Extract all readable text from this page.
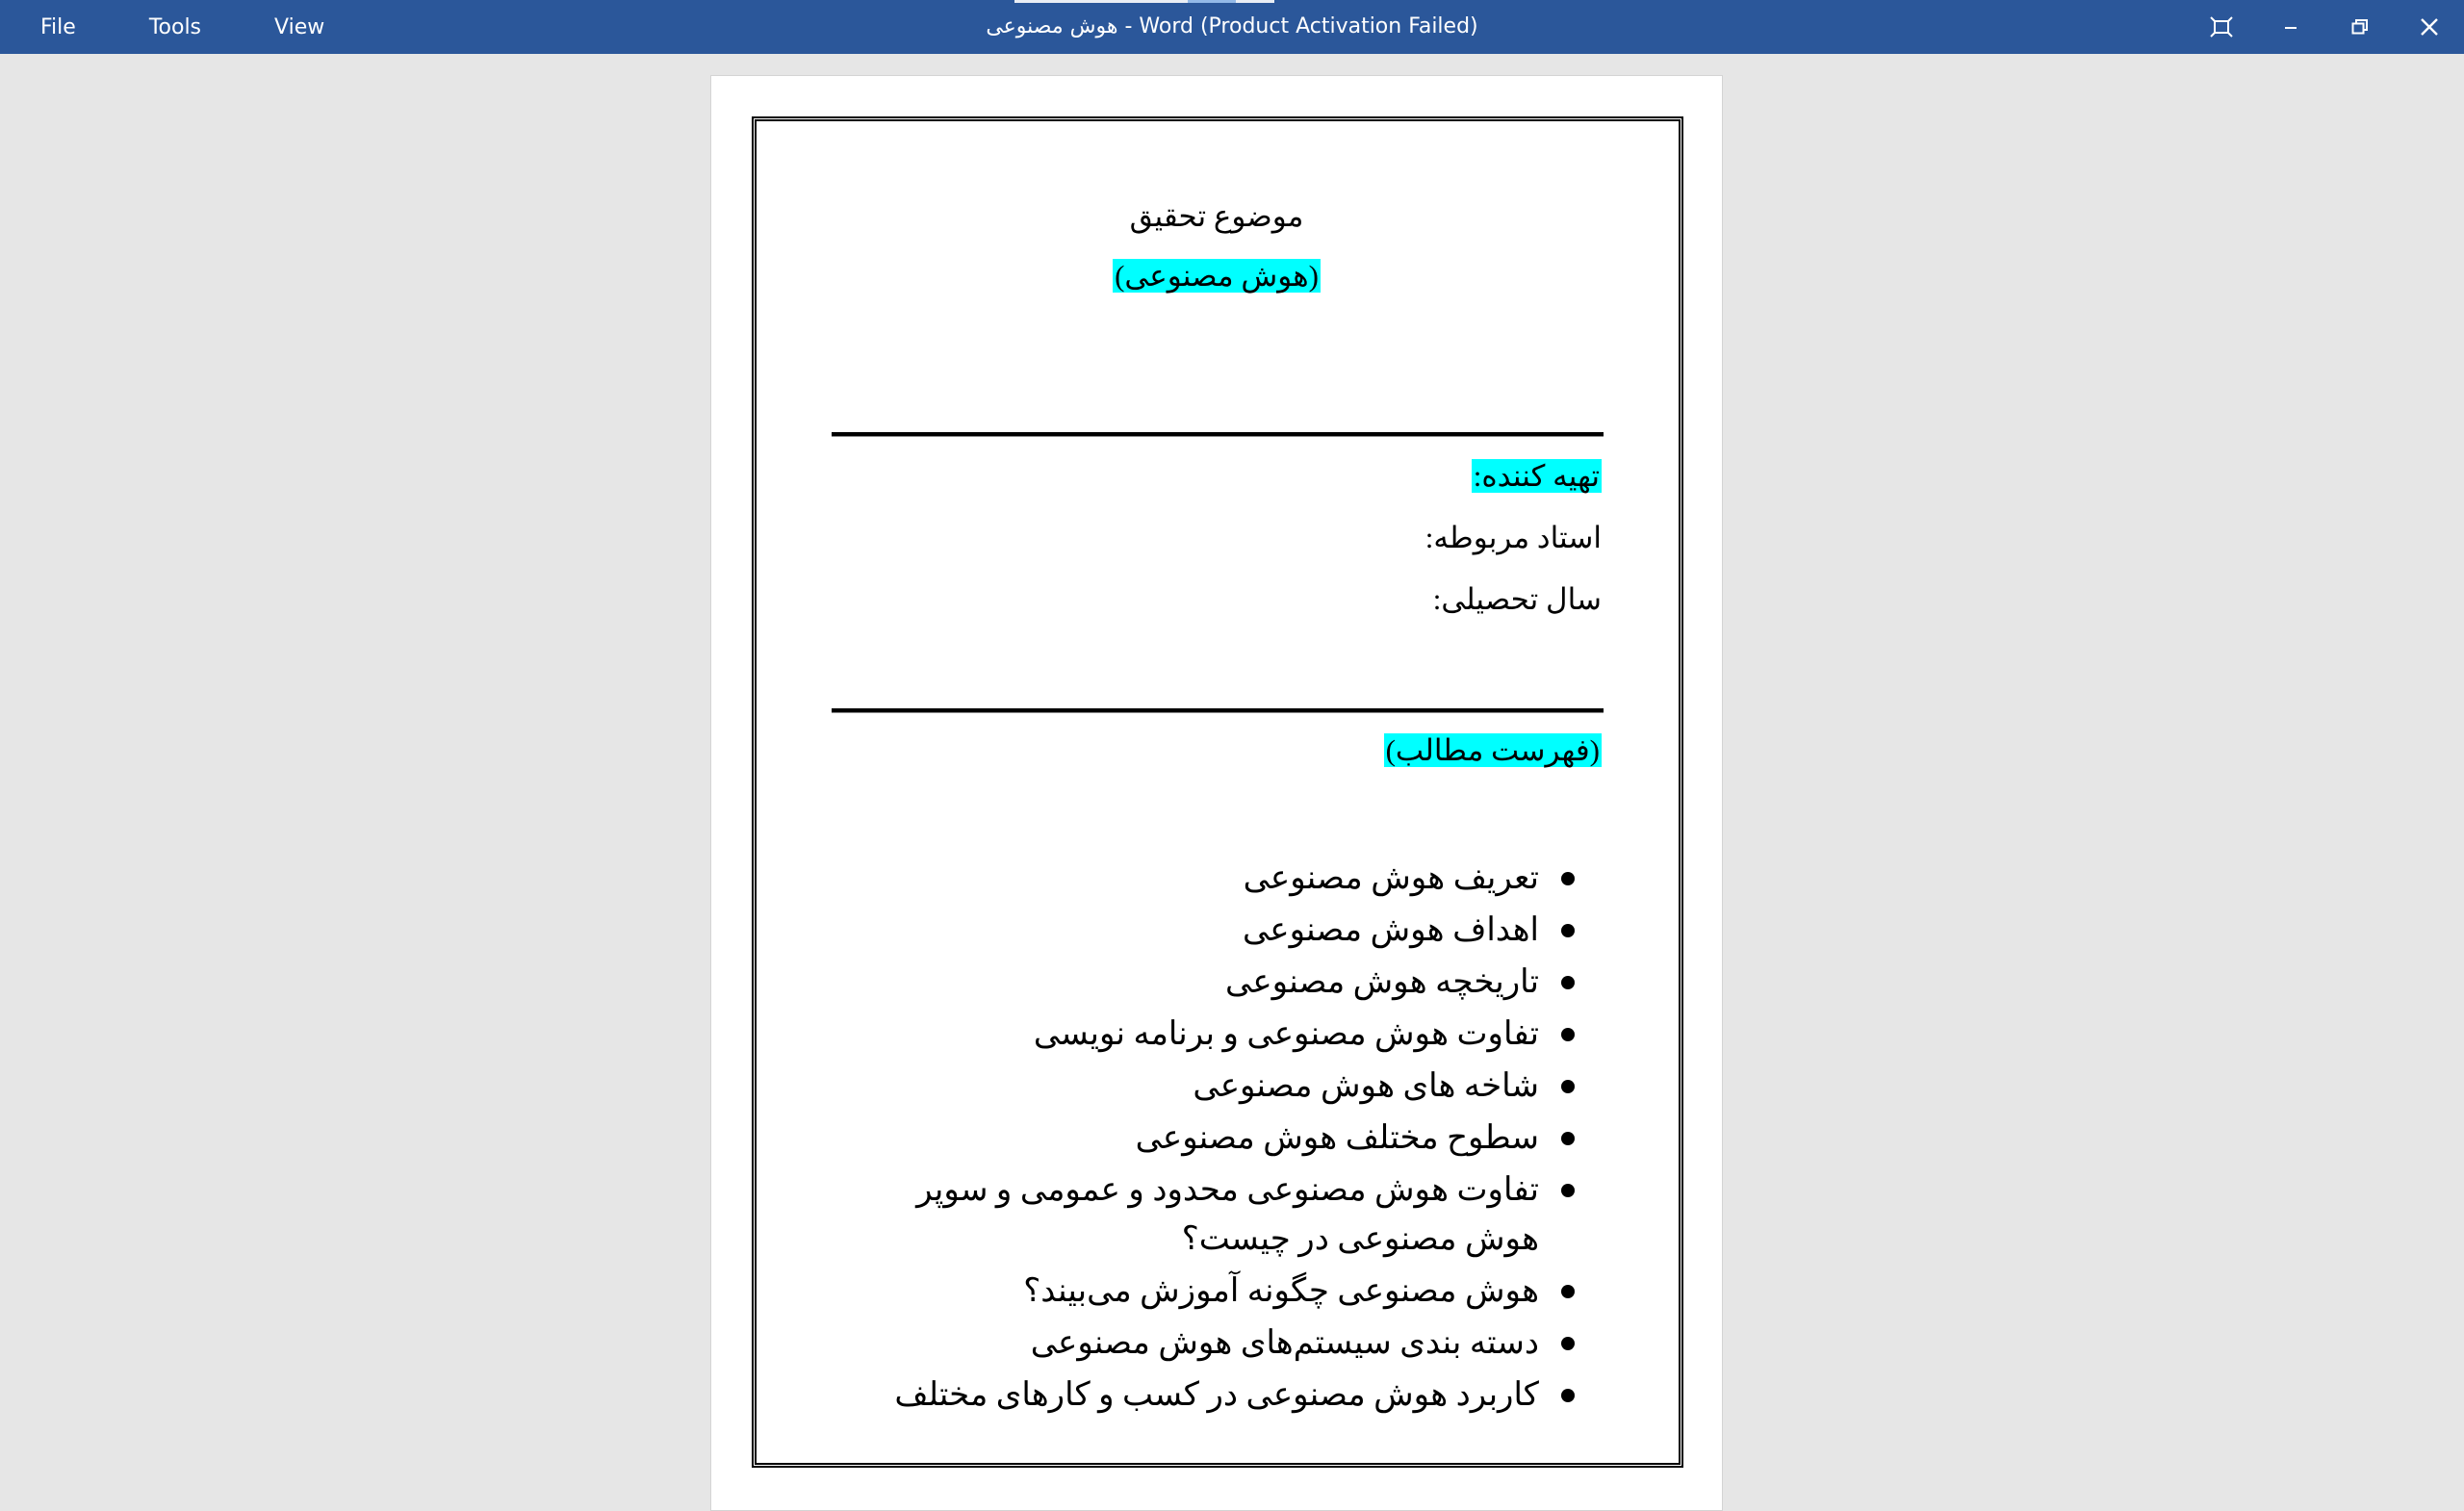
File	Tools	View	هوش مصنوعی - Word (Product Activation Failed)
موضوع تحقیق
(هوش مصنوعی)
تهیه کننده:
استاد مربوطه:
سال تحصیلی:
(فهرست مطالب)
تعریف هوش مصنوعی
اهداف هوش مصنوعی
تاریخچه هوش مصنوعی
تفاوت هوش مصنوعی و برنامه نویسی
شاخه های هوش مصنوعی
سطوح مختلف هوش مصنوعی
تفاوت هوش مصنوعی محدود و عمومی و سوپر هوش مصنوعی در چیست؟
هوش مصنوعی چگونه آموزش می‌بیند؟
دسته بندی سیستم‌های هوش مصنوعی
کاربرد هوش مصنوعی در کسب و کارهای مختلف
